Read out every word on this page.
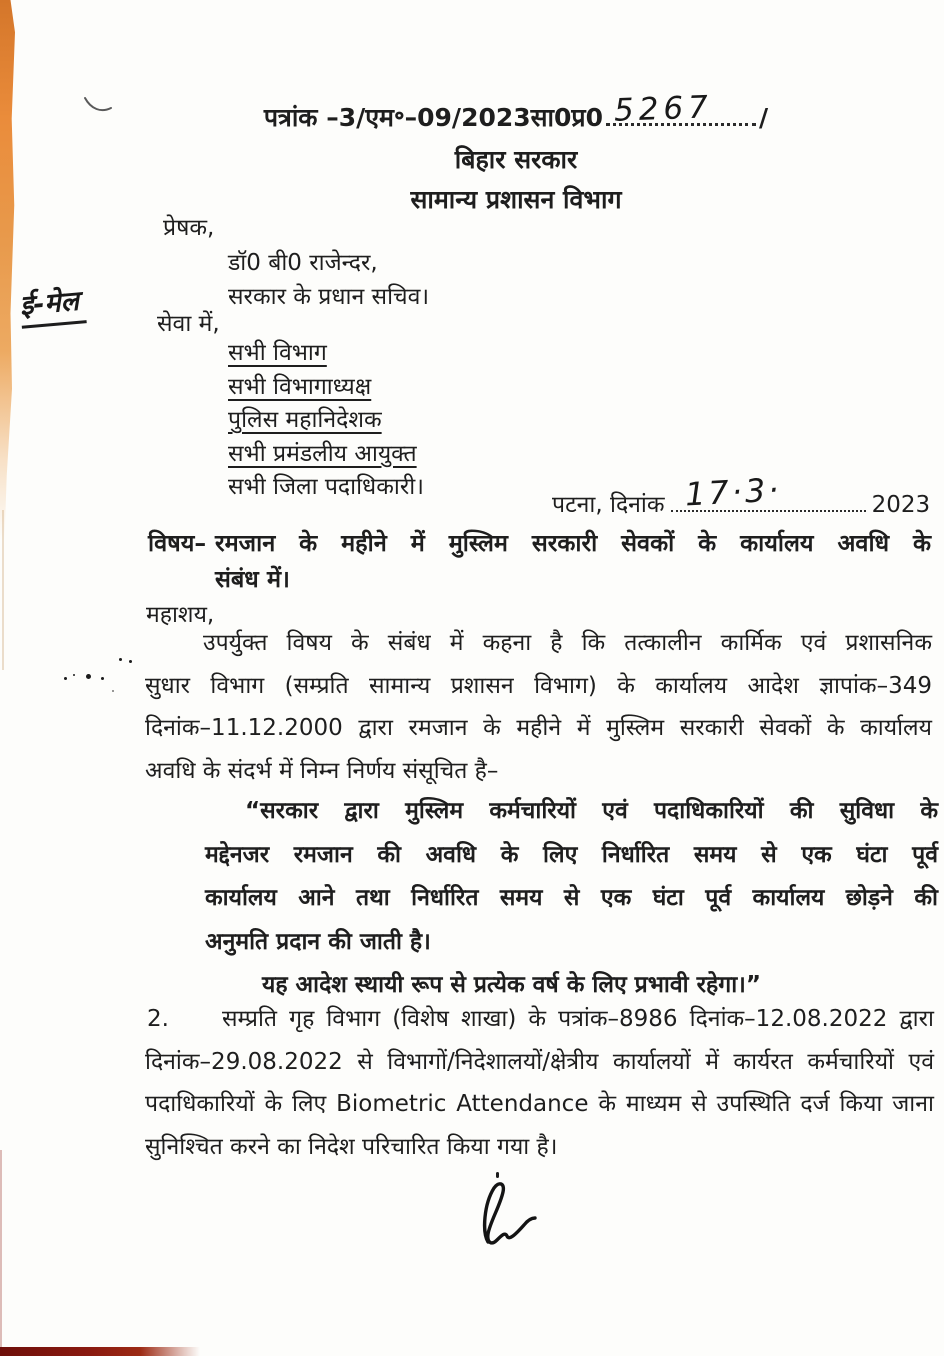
ई-मेल
पत्रांक –3/एम॰–09/2023सा0प्र0 5267 /
बिहार सरकार
सामान्य प्रशासन विभाग
प्रेषक,
डॉ0 बी0 राजेन्दर,
सरकार के प्रधान सचिव।
सेवा में,
सभी विभाग
सभी विभागाध्यक्ष
पुलिस महानिदेशक
सभी प्रमंडलीय आयुक्त
सभी जिला पदाधिकारी।
पटना, दिनांक 17·3·	2023
विषय– रमजान के महीने में मुस्लिम सरकारी सेवकों के कार्यालय अवधि के
संबंध में।
महाशय,
उपर्युक्त विषय के संबंध में कहना है कि तत्कालीन कार्मिक एवं प्रशासनिक
सुधार विभाग (सम्प्रति सामान्य प्रशासन विभाग) के कार्यालय आदेश ज्ञापांक–349
दिनांक–11.12.2000 द्वारा रमजान के महीने में मुस्लिम सरकारी सेवकों के कार्यालय
अवधि के संदर्भ में निम्न निर्णय संसूचित है–
“सरकार द्वारा मुस्लिम कर्मचारियों एवं पदाधिकारियों की सुविधा के
मद्देनजर रमजान की अवधि के लिए निर्धारित समय से एक घंटा पूर्व
कार्यालय आने तथा निर्धारित समय से एक घंटा पूर्व कार्यालय छोड़ने की
अनुमति प्रदान की जाती है।
यह आदेश स्थायी रूप से प्रत्येक वर्ष के लिए प्रभावी रहेगा।”
2.	सम्प्रति गृह विभाग (विशेष शाखा) के पत्रांक–8986 दिनांक–12.08.2022 द्वारा
दिनांक–29.08.2022 से विभागों/निदेशालयों/क्षेत्रीय कार्यालयों में कार्यरत कर्मचारियों एवं
पदाधिकारियों के लिए Biometric Attendance के माध्यम से उपस्थिति दर्ज किया जाना
सुनिश्चित करने का निदेश परिचारित किया गया है।
